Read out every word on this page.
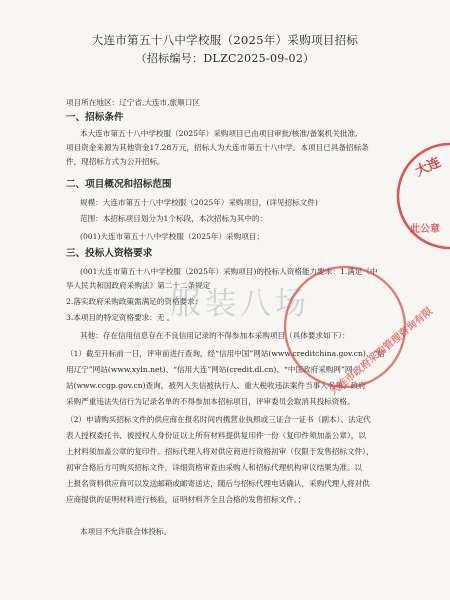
大连市第五十八中学校服（2025年）采购项目招标
（招标编号：DLZC2025-09-02）
项目所在地区：辽宁省,大连市,旅顺口区
一、招标条件
本大连市第五十八中学校服（2025年）采购项目已由项目审批/核准/备案机关批准,
项目资金来源为其他资金17.28万元，招标人为大连市第五十八中学。本项目已具备招标条
件，现招标方式为公开招标。
二、项目概况和招标范围
规模：大连市第五十八中学校服（2025年）采购项目，(详见招标文件)
范围：本招标项目划分为1个标段，本次招标为其中的：
(001)大连市第五十八中学校服（2025年）采购项目；
三、投标人资格要求
(001大连市第五十八中学校服（2025年）采购项目)的投标人资格能力要求：1.满足《中
华人民共和国政府采购法》第二十二条规定
2.落实政府采购政策需满足的资格要求：
3.本项目的特定资格要求：无 。
其他：存在信用信息存在不良信用记录的不得参加本采购项目（具体要求如下）：
（1）截至开标前一日，评审前进行查询，经“信用中国”网站(www.creditchina.gov.cn)、“信
用辽宁”网站(www.xyln.net)、“信用大连”网站(credit.dl.cn)、“中国政府采购网”网
站(www.ccgp.gov.cn)查询，被列入失信被执行人、重大税收违法案件当事人名单、政府
采购严重违法失信行为记录名单的不得参加本招标项目，评审委员会取消其投标资格。
（2）申请购买招标文件的供应商在报名时间内携营业执照或三证合一证书（副本）、法定代
表人授权委托书、被授权人身份证以上所有材料提供复印件一份（复印件须加盖公章），以
上材料须加盖公章的复印件。招标代理人将对供应商进行资格初审（仅限于发售招标文件），
初审合格后方可购买招标文件，详细资格审查由采购人和招标代理机构审议结果为准。以
上报名资料供应商可以发送邮箱或邮寄送达，随后与招标代理电话确认，采购代理人将对供
应商提供的证明材料进行核验，证明材料齐全且合格的发售招标文件。；
本项目不允许联合体投标。
服装八场
大连
此公章
大连市政府采购管理咨询有限
